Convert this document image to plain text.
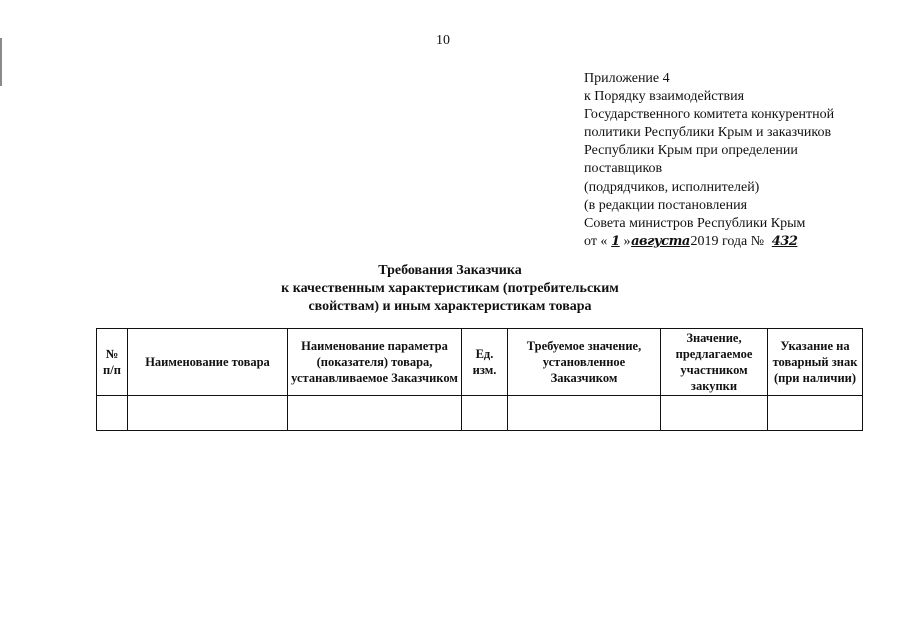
10
Приложение 4
к Порядку взаимодействия
Государственного комитета конкурентной
политики Республики Крым и заказчиков
Республики Крым при определении
поставщиков
(подрядчиков, исполнителей)
(в редакции постановления
Совета министров Республики Крым
от « 1 »августа2019 года № 432
Требования Заказчика
к качественным характеристикам (потребительским
свойствам) и иным характеристикам товара
№ п/п	Наименование товара	Наименование параметра (показателя) товара, устанавливаемое Заказчиком	Ед. изм.	Требуемое значение, установленное Заказчиком	Значение, предлагаемое участником закупки	Указание на товарный знак (при наличии)
